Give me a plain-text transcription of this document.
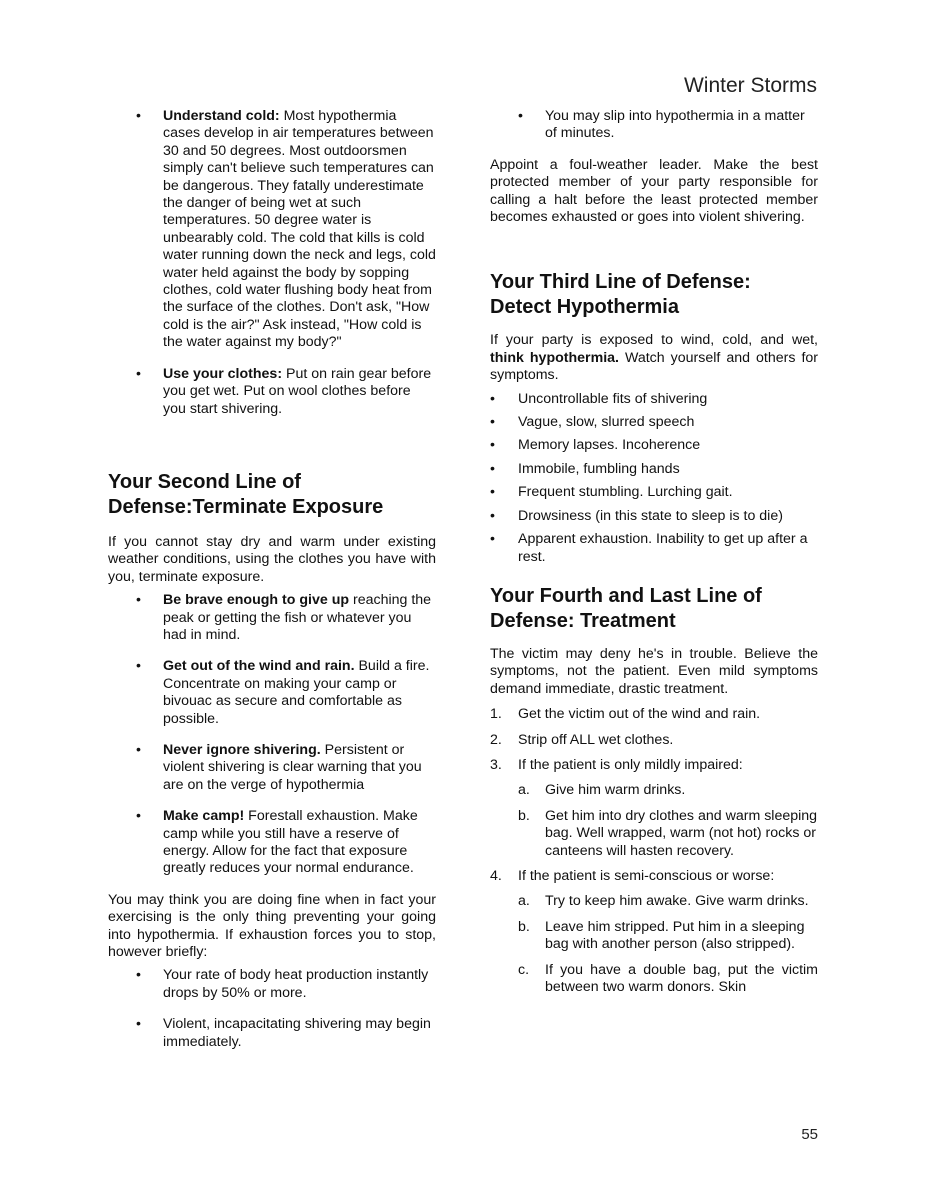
Winter Storms
• Understand cold: Most hypothermia cases develop in air temperatures between 30 and 50 degrees. Most outdoorsmen simply can't believe such temperatures can be dangerous. They fatally underestimate the danger of being wet at such temperatures. 50 degree water is unbearably cold. The cold that kills is cold water running down the neck and legs, cold water held against the body by sopping clothes, cold water flushing body heat from the surface of the clothes. Don't ask, "How cold is the air?" Ask instead, "How cold is the water against my body?"
• Use your clothes: Put on rain gear before you get wet. Put on wool clothes before you start shivering.
Your Second Line of
Defense:Terminate Exposure

If you cannot stay dry and warm under existing weather conditions, using the clothes you have with you, terminate exposure.

• Be brave enough to give up reaching the peak or getting the fish or whatever you had in mind.
• Get out of the wind and rain. Build a fire. Concentrate on making your camp or bivouac as secure and comfortable as possible.
• Never ignore shivering. Persistent or violent shivering is clear warning that you are on the verge of hypothermia
• Make camp! Forestall exhaustion. Make camp while you still have a reserve of energy. Allow for the fact that exposure greatly reduces your normal endurance.

You may think you are doing fine when in fact your exercising is the only thing preventing your going into hypothermia. If exhaustion forces you to stop, however briefly:

• Your rate of body heat production instantly drops by 50% or more.
• Violent, incapacitating shivering may begin immediately.
• You may slip into hypothermia in a matter of minutes.

Appoint a foul-weather leader. Make the best protected member of your party responsible for calling a halt before the least protected member becomes exhausted or goes into violent shivering.

Your Third Line of Defense:
Detect Hypothermia

If your party is exposed to wind, cold, and wet, think hypothermia. Watch yourself and others for symptoms.

• Uncontrollable fits of shivering
• Vague, slow, slurred speech
• Memory lapses. Incoherence
• Immobile, fumbling hands
• Frequent stumbling. Lurching gait.
• Drowsiness (in this state to sleep is to die)
• Apparent exhaustion. Inability to get up after a rest.
Your Fourth and Last Line of
Defense: Treatment

The victim may deny he's in trouble. Believe the symptoms, not the patient. Even mild symptoms demand immediate, drastic treatment.

1. Get the victim out of the wind and rain.
2. Strip off ALL wet clothes.
3. If the patient is only mildly impaired:
a. Give him warm drinks.
b. Get him into dry clothes and warm sleeping bag. Well wrapped, warm (not hot) rocks or canteens will hasten recovery.
4. If the patient is semi-conscious or worse:
a. Try to keep him awake. Give warm drinks.
b. Leave him stripped. Put him in a sleeping bag with another person (also stripped).
c. If you have a double bag, put the victim between two warm donors. Skin
55
